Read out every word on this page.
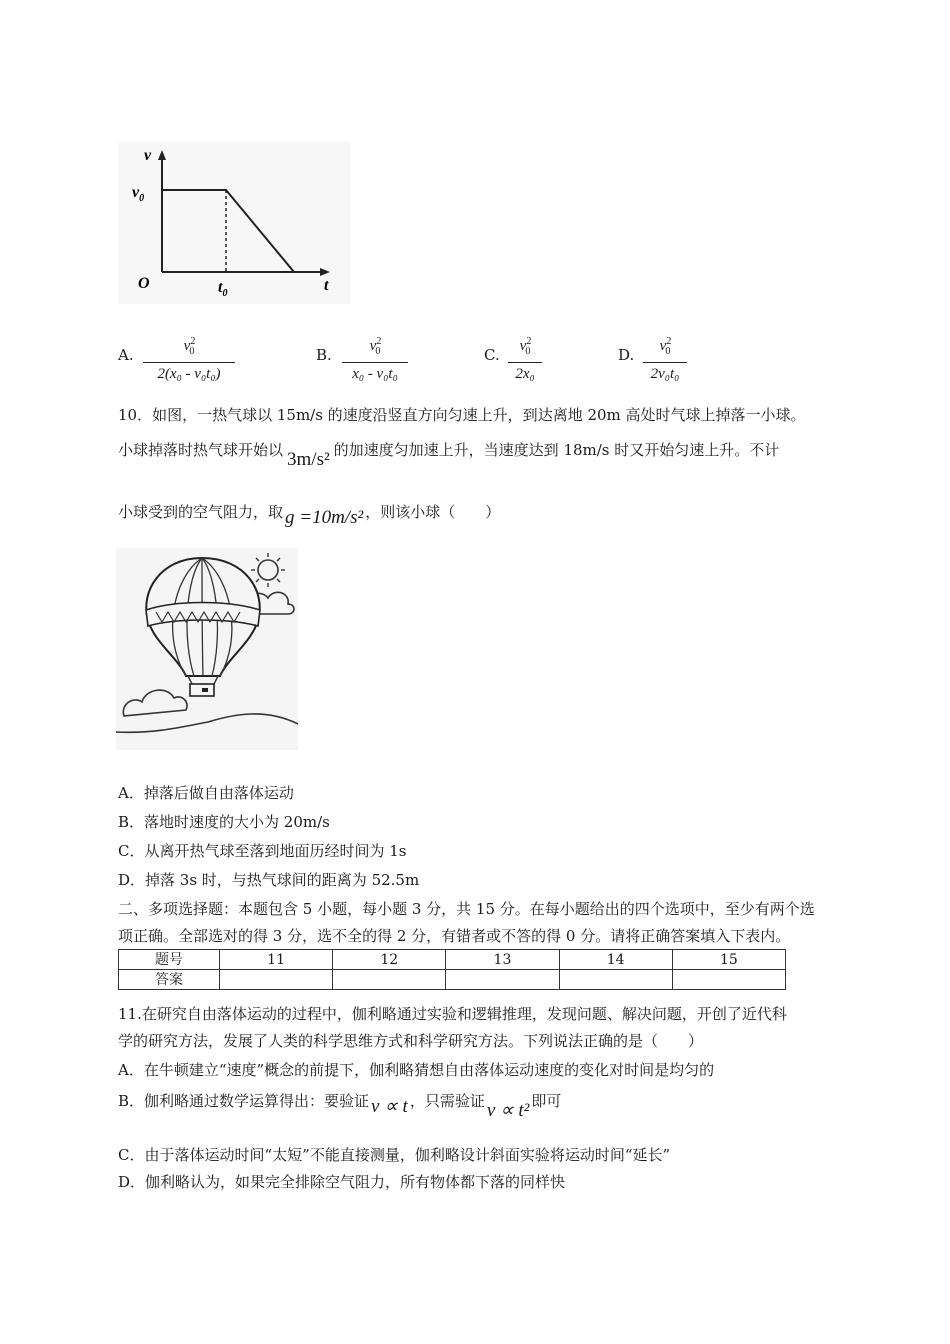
v
$v_0$
O	$t_0$	t
A.	$v^2_0$
2(x₀ - v₀t₀)
B.	$v^2_0$
x₀ - v₀t₀
C.	$v^2_0$
2x₀
D.	$v^2_0$
2v₀t₀
10．如图，一热气球以 15m/s 的速度沿竖直方向匀速上升，到达离地 20m 高处时气球上掉落一小球。
小球掉落时热气球开始以 3m/s² 的加速度匀加速上升，当速度达到 18m/s 时又开始匀速上升。不计
小球受到的空气阻力，取 g =10m/s² ，则该小球（　　）
A．掉落后做自由落体运动
B．落地时速度的大小为 20m/s
C．从离开热气球至落到地面历经时间为 1s
D．掉落 3s 时，与热气球间的距离为 52.5m
二、多项选择题：本题包含 5 小题，每小题 3 分，共 15 分。在每小题给出的四个选项中，至少有两个选
项正确。全部选对的得 3 分，选不全的得 2 分，有错者或不答的得 0 分。请将正确答案填入下表内。
题号	11	12	13	14	15
答案					
11.在研究自由落体运动的过程中，伽利略通过实验和逻辑推理，发现问题、解决问题，开创了近代科
学的研究方法，发展了人类的科学思维方式和科学研究方法。下列说法正确的是（　　）
A．在牛顿建立“速度”概念的前提下，伽利略猜想自由落体运动速度的变化对时间是均匀的
B．伽利略通过数学运算得出：要验证 v ∝ t ，只需验证 v ∝ t² 即可
C．由于落体运动时间“太短”不能直接测量，伽利略设计斜面实验将运动时间“延长”
D．伽利略认为，如果完全排除空气阻力，所有物体都下落的同样快
